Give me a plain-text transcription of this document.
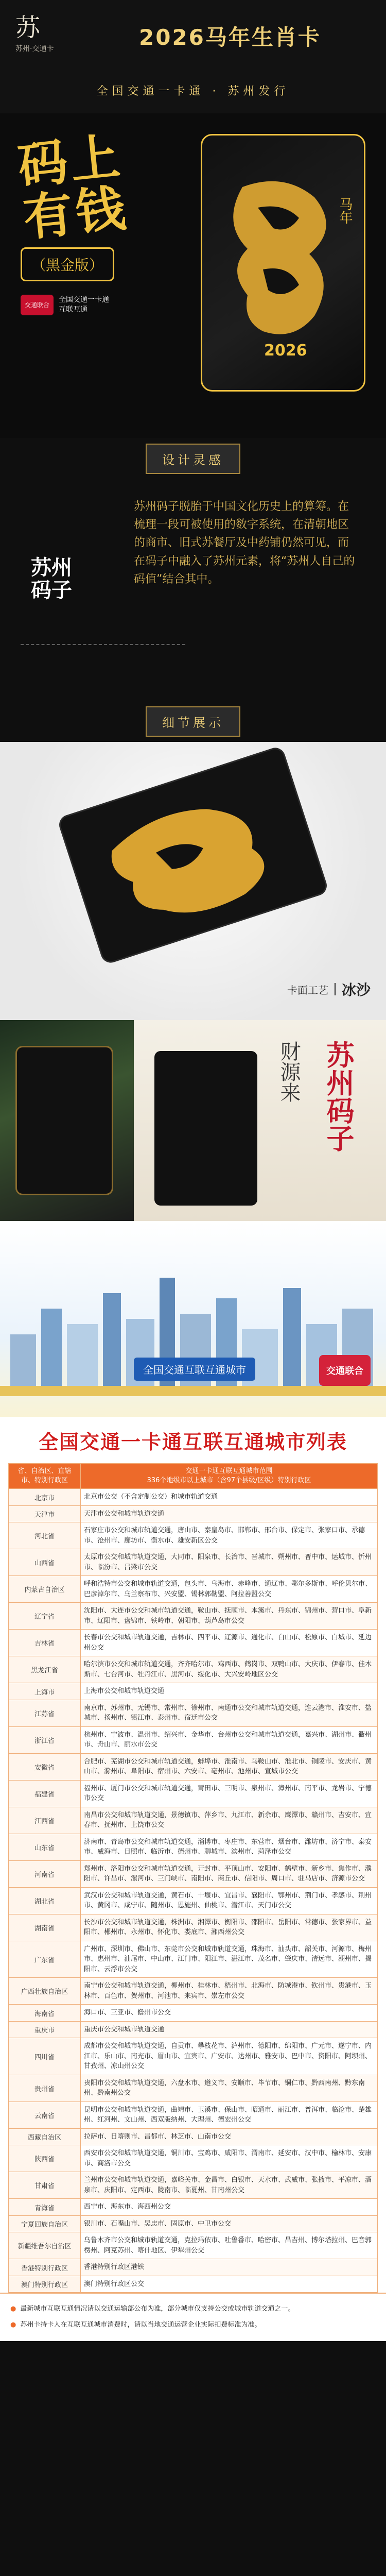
苏
苏州·交通卡	2026马年生肖卡
全国交通一卡通 · 苏州发行
码上有钱
（黑金版）
交通联合
全国交通一卡通
互联互通
马年
2026
设计灵感
苏州
码子
苏州码子脱胎于中国文化历史上的算筹。在梳理一段可被使用的数字系统，在清朝地区的商市、旧式苏餐厅及中药铺仍然可见，而在码子中融入了苏州元素，将“苏州人自己的码值”结合其中。
细节展示
卡面工艺 冰沙
财源来 苏州码子
全国交通互联互通城市	交通联合
全国交通一卡通互联互通城市列表
省、自治区、直辖市、特别行政区	交通一卡通互联互通城市范围
336个地级市以上城市（含97个县级/区级）特别行政区
北京市	北京市公交（不含定制公交）和城市轨道交通
天津市	天津市公交和城市轨道交通
河北省	石家庄市公交和城市轨道交通，唐山市、秦皇岛市、邯郸市、邢台市、保定市、张家口市、承德市、沧州市、廊坊市、衡水市、雄安新区公交
山西省	太原市公交和城市轨道交通，大同市、阳泉市、长治市、晋城市、朔州市、晋中市、运城市、忻州市、临汾市、吕梁市公交
内蒙古自治区	呼和浩特市公交和城市轨道交通，包头市、乌海市、赤峰市、通辽市、鄂尔多斯市、呼伦贝尔市、巴彦淖尔市、乌兰察布市、兴安盟、锡林郭勒盟、阿拉善盟公交
辽宁省	沈阳市、大连市公交和城市轨道交通，鞍山市、抚顺市、本溪市、丹东市、锦州市、营口市、阜新市、辽阳市、盘锦市、铁岭市、朝阳市、葫芦岛市公交
吉林省	长春市公交和城市轨道交通，吉林市、四平市、辽源市、通化市、白山市、松原市、白城市、延边州公交
黑龙江省	哈尔滨市公交和城市轨道交通，齐齐哈尔市、鸡西市、鹤岗市、双鸭山市、大庆市、伊春市、佳木斯市、七台河市、牡丹江市、黑河市、绥化市、大兴安岭地区公交
上海市	上海市公交和城市轨道交通
江苏省	南京市、苏州市、无锡市、常州市、徐州市、南通市公交和城市轨道交通，连云港市、淮安市、盐城市、扬州市、镇江市、泰州市、宿迁市公交
浙江省	杭州市、宁波市、温州市、绍兴市、金华市、台州市公交和城市轨道交通，嘉兴市、湖州市、衢州市、舟山市、丽水市公交
安徽省	合肥市、芜湖市公交和城市轨道交通，蚌埠市、淮南市、马鞍山市、淮北市、铜陵市、安庆市、黄山市、滁州市、阜阳市、宿州市、六安市、亳州市、池州市、宣城市公交
福建省	福州市、厦门市公交和城市轨道交通，莆田市、三明市、泉州市、漳州市、南平市、龙岩市、宁德市公交
江西省	南昌市公交和城市轨道交通，景德镇市、萍乡市、九江市、新余市、鹰潭市、赣州市、吉安市、宜春市、抚州市、上饶市公交
山东省	济南市、青岛市公交和城市轨道交通，淄博市、枣庄市、东营市、烟台市、潍坊市、济宁市、泰安市、威海市、日照市、临沂市、德州市、聊城市、滨州市、菏泽市公交
河南省	郑州市、洛阳市公交和城市轨道交通，开封市、平顶山市、安阳市、鹤壁市、新乡市、焦作市、濮阳市、许昌市、漯河市、三门峡市、南阳市、商丘市、信阳市、周口市、驻马店市、济源市公交
湖北省	武汉市公交和城市轨道交通，黄石市、十堰市、宜昌市、襄阳市、鄂州市、荆门市、孝感市、荆州市、黄冈市、咸宁市、随州市、恩施州、仙桃市、潜江市、天门市公交
湖南省	长沙市公交和城市轨道交通，株洲市、湘潭市、衡阳市、邵阳市、岳阳市、常德市、张家界市、益阳市、郴州市、永州市、怀化市、娄底市、湘西州公交
广东省	广州市、深圳市、佛山市、东莞市公交和城市轨道交通，珠海市、汕头市、韶关市、河源市、梅州市、惠州市、汕尾市、中山市、江门市、阳江市、湛江市、茂名市、肇庆市、清远市、潮州市、揭阳市、云浮市公交
广西壮族自治区	南宁市公交和城市轨道交通，柳州市、桂林市、梧州市、北海市、防城港市、钦州市、贵港市、玉林市、百色市、贺州市、河池市、来宾市、崇左市公交
海南省	海口市、三亚市、儋州市公交
重庆市	重庆市公交和城市轨道交通
四川省	成都市公交和城市轨道交通，自贡市、攀枝花市、泸州市、德阳市、绵阳市、广元市、遂宁市、内江市、乐山市、南充市、眉山市、宜宾市、广安市、达州市、雅安市、巴中市、资阳市、阿坝州、甘孜州、凉山州公交
贵州省	贵阳市公交和城市轨道交通，六盘水市、遵义市、安顺市、毕节市、铜仁市、黔西南州、黔东南州、黔南州公交
云南省	昆明市公交和城市轨道交通，曲靖市、玉溪市、保山市、昭通市、丽江市、普洱市、临沧市、楚雄州、红河州、文山州、西双版纳州、大理州、德宏州公交
西藏自治区	拉萨市、日喀则市、昌都市、林芝市、山南市公交
陕西省	西安市公交和城市轨道交通，铜川市、宝鸡市、咸阳市、渭南市、延安市、汉中市、榆林市、安康市、商洛市公交
甘肃省	兰州市公交和城市轨道交通，嘉峪关市、金昌市、白银市、天水市、武威市、张掖市、平凉市、酒泉市、庆阳市、定西市、陇南市、临夏州、甘南州公交
青海省	西宁市、海东市、海西州公交
宁夏回族自治区	银川市、石嘴山市、吴忠市、固原市、中卫市公交
新疆维吾尔自治区	乌鲁木齐市公交和城市轨道交通，克拉玛依市、吐鲁番市、哈密市、昌吉州、博尔塔拉州、巴音郭楞州、阿克苏州、喀什地区、伊犁州公交
香港特别行政区	香港特别行政区港铁
澳门特别行政区	澳门特别行政区公交
● 最新城市互联互通情况请以交通运输部公布为准，部分城市仅支持公交或城市轨道交通之一。
● 苏州卡持卡人在互联互通城市消费时，请以当地交通运营企业实际扣费标准为准。
